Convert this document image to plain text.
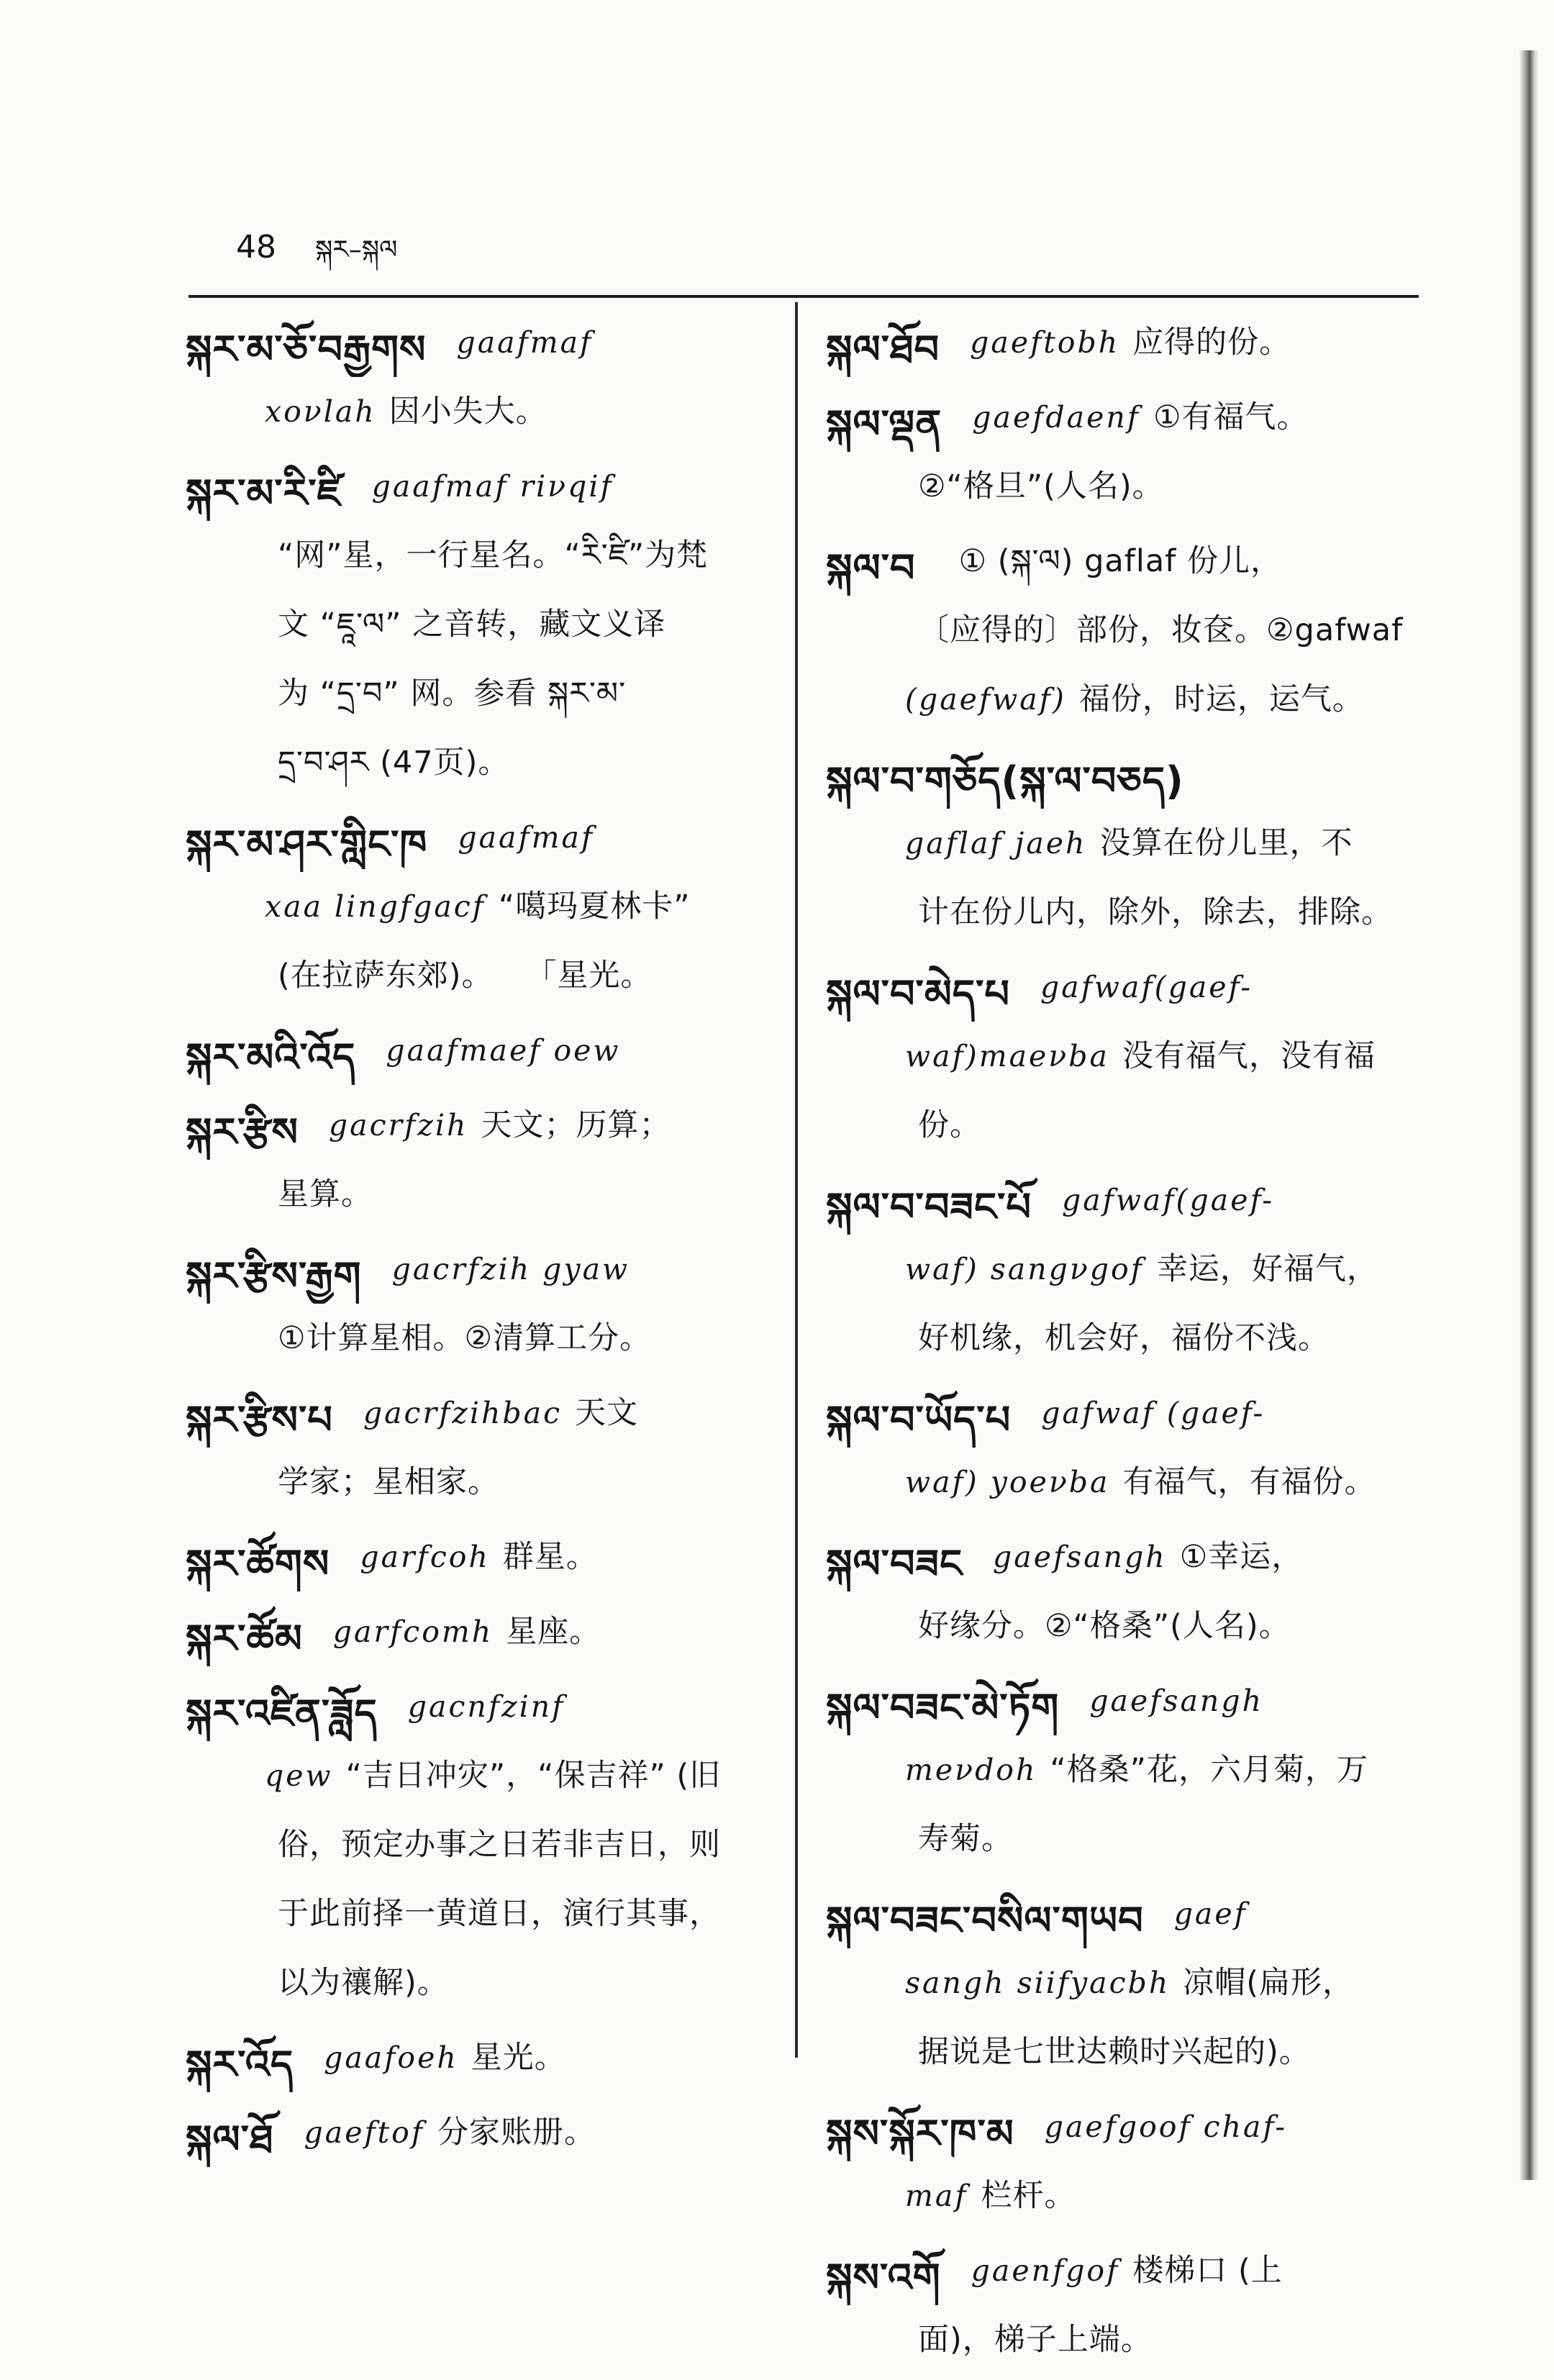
48 སྐར–སྐལ
སྐར་མ་ཅོ་བརྒྱགས gaafmaf
xoνlah 因小失大。
སྐར་མ་རི་ཛི gaafmaf riνqif
“网”星，一行星名。“རི་ཛི”为梵
文 “ཇཱ་ལ” 之音转，藏文义译
为 “དྲ་བ” 网。参看 སྐར་མ་
དྲ་བ་ཤར (47页)。
སྐར་མ་ཤར་གླིང་ཁ gaafmaf
xaa lingfgacf “噶玛夏林卡”
(在拉萨东郊)。　　「星光。
སྐར་མའི་འོད gaafmaef oew
སྐར་རྩིས gacrfzih 天文；历算；
星算。
སྐར་རྩིས་རྒྱག gacrfzih gyaw
①计算星相。②清算工分。
སྐར་རྩིས་པ gacrfzihbac 天文
学家；星相家。
སྐར་ཚོགས garfcoh 群星。
སྐར་ཚོམ garfcomh 星座。
སྐར་འཛིན་ཟློད gacnfzinf
qew “吉日冲灾”，“保吉祥” (旧
俗，预定办事之日若非吉日，则
于此前择一黄道日，演行其事，
以为禳解)。
སྐར་འོད gaafoeh 星光。
སྐལ་ཐོ gaeftof 分家账册。
སྐལ་ཐོབ gaeftobh 应得的份。
སྐལ་ལྡན gaefdaenf ①有福气。
②“格旦”(人名)。
སྐལ་བ ① (སྐ་ལ) gaflaf 份儿，
〔应得的〕部份，妆奁。②gafwaf
(gaefwaf) 福份，时运，运气。
སྐལ་བ་གཅོད(སྐ་ལ་བཅད)
gaflaf jaeh 没算在份儿里，不
计在份儿内，除外，除去，排除。
སྐལ་བ་མེད་པ gafwaf(gaef-
waf)maeνba 没有福气，没有福
份。
སྐལ་བ་བཟང་པོ gafwaf(gaef-
waf) sangνgof 幸运，好福气，
好机缘，机会好，福份不浅。
སྐལ་བ་ཡོད་པ gafwaf (gaef-
waf) yoeνba 有福气，有福份。
སྐལ་བཟང gaefsangh ①幸运，
好缘分。②“格桑”(人名)。
སྐལ་བཟང་མེ་ཏོག gaefsangh
meνdoh “格桑”花，六月菊，万
寿菊。
སྐལ་བཟང་བསིལ་གཡབ gaef
sangh siifyacbh 凉帽(扁形，
据说是七世达赖时兴起的)。
སྐས་སྐོར་ཁ་མ gaefgoof chaf-
maf 栏杆。
སྐས་འགོ gaenfgof 楼梯口 (上
面)，梯子上端。
